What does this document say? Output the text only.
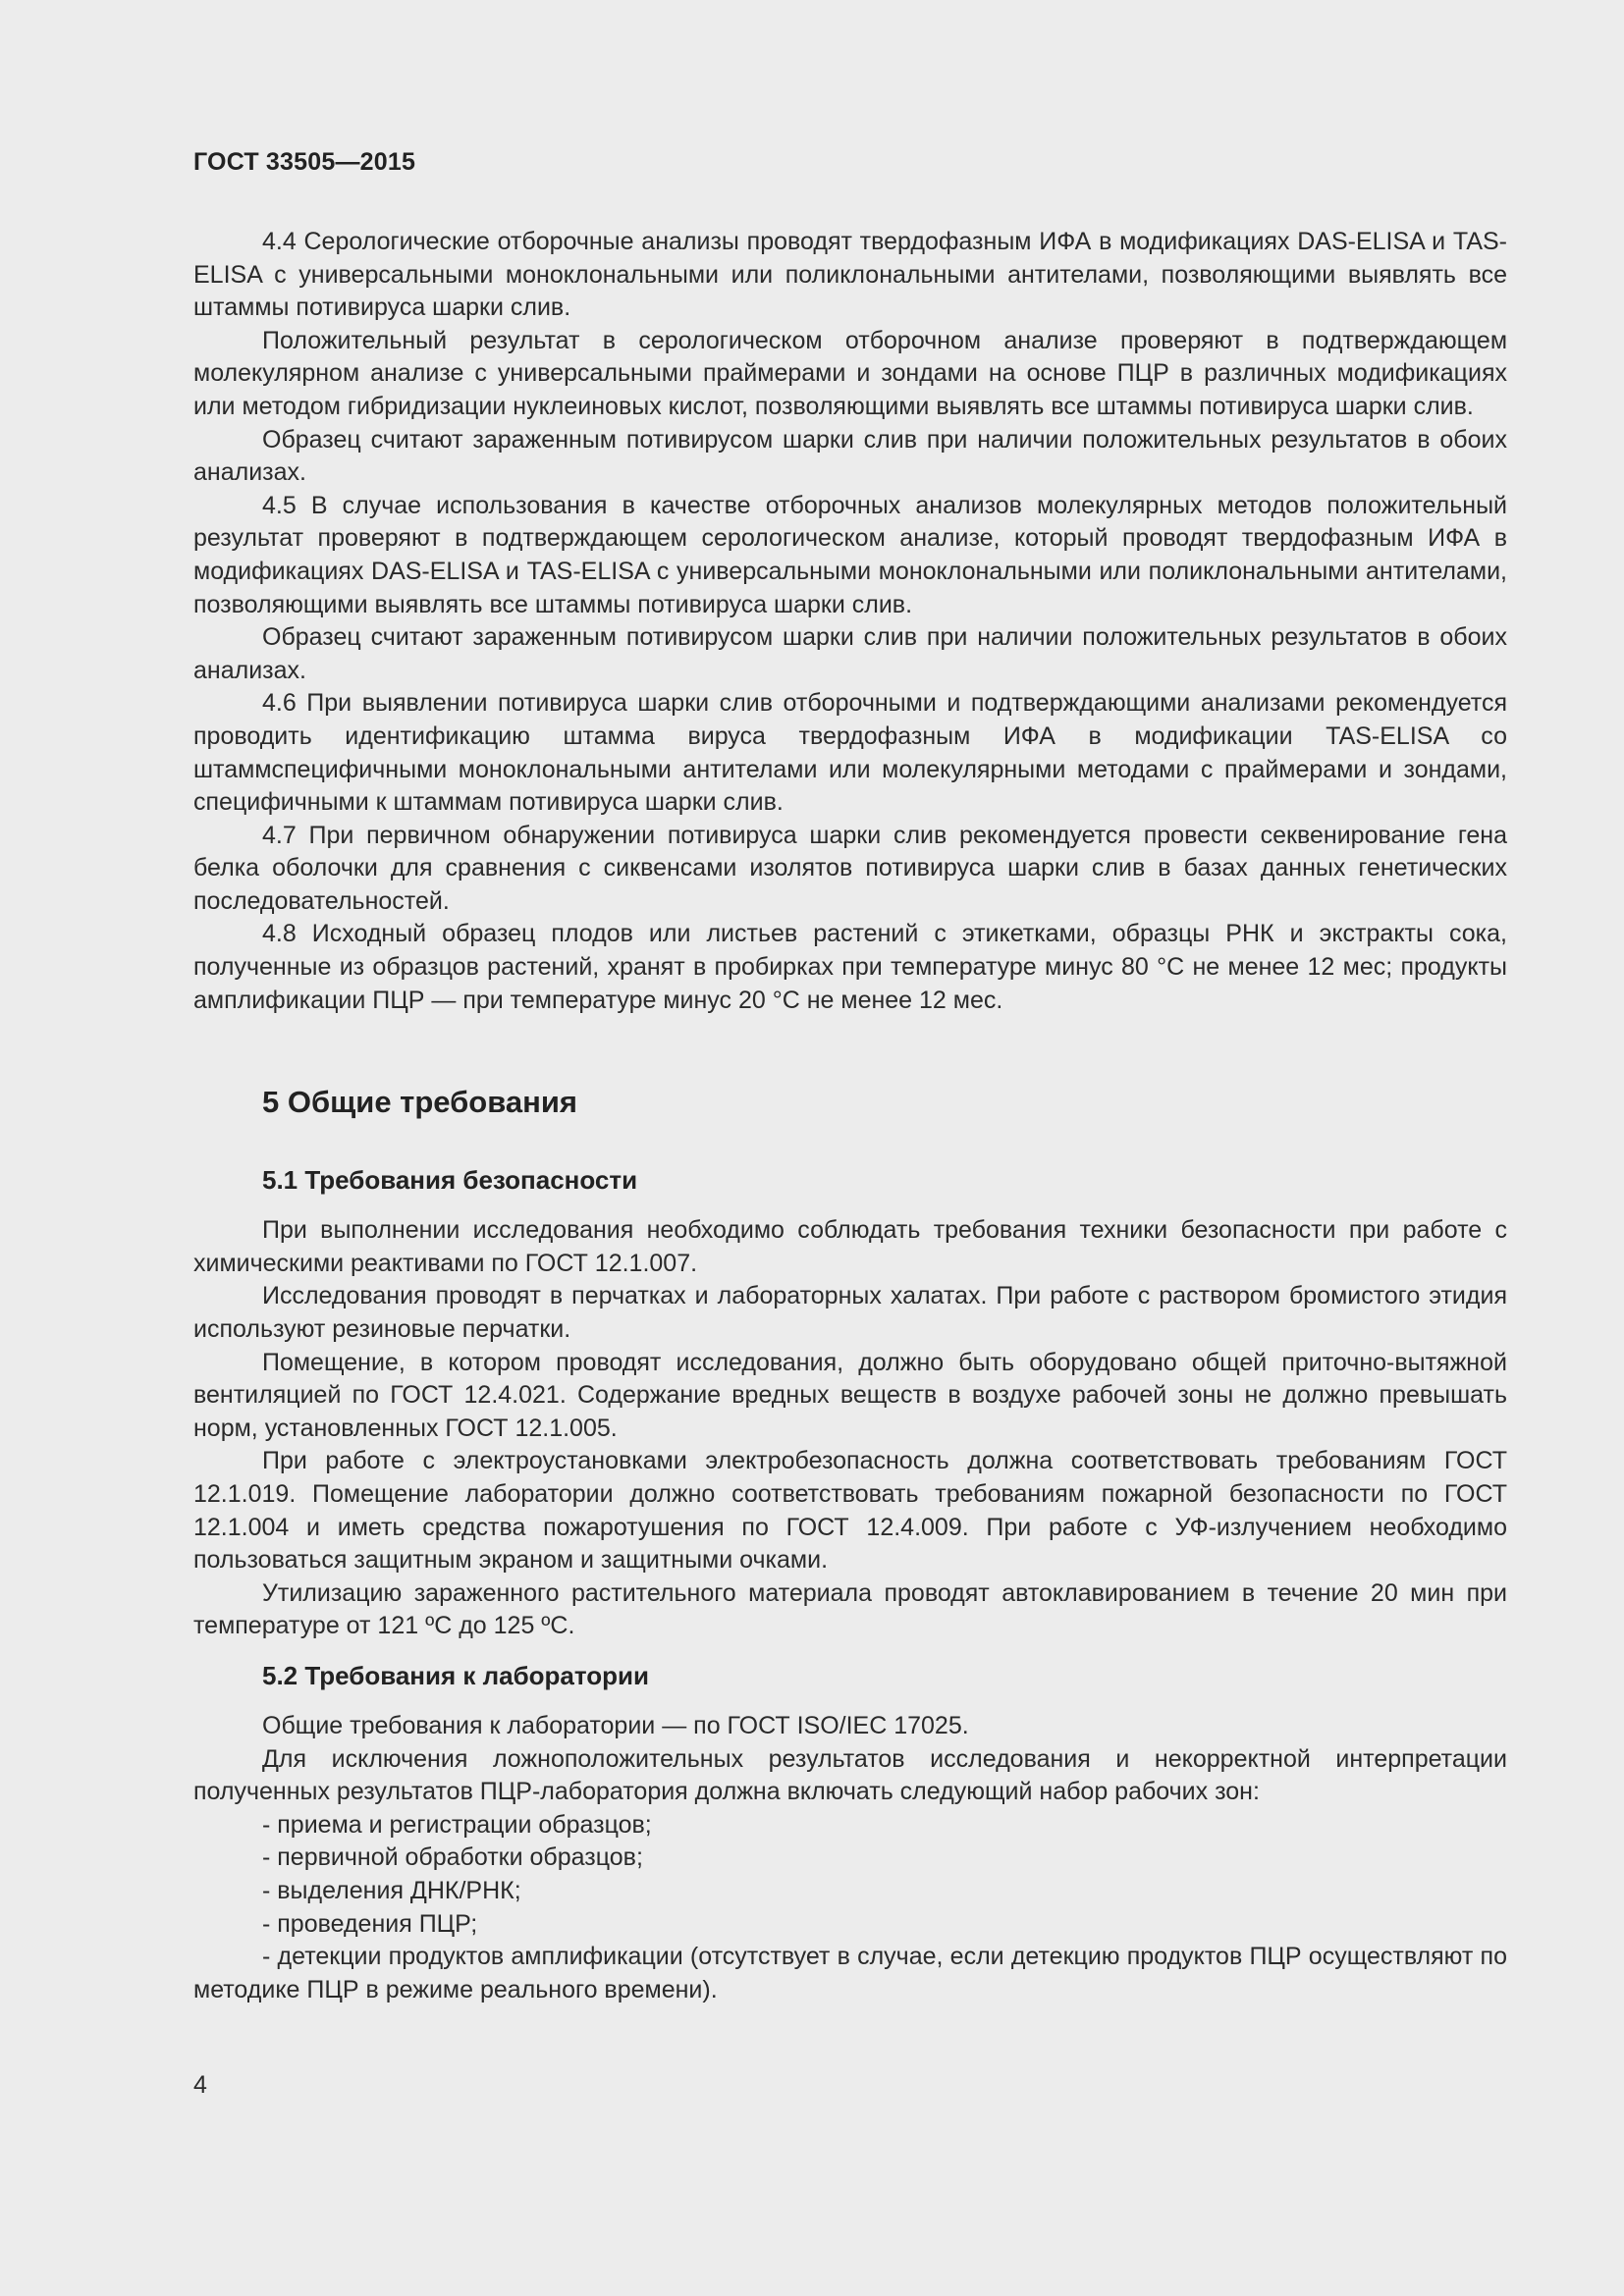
ГОСТ 33505—2015

4.4 Серологические отборочные анализы проводят твердофазным ИФА в модификациях DAS-ELISA и TAS-ELISA с универсальными моноклональными или поликлональными антителами, позволяющими выявлять все штаммы потивируса шарки слив.

Положительный результат в серологическом отборочном анализе проверяют в подтверждающем молекулярном анализе с универсальными праймерами и зондами на основе ПЦР в различных модификациях или методом гибридизации нуклеиновых кислот, позволяющими выявлять все штаммы потивируса шарки слив.

Образец считают зараженным потивирусом шарки слив при наличии положительных результатов в обоих анализах.

4.5 В случае использования в качестве отборочных анализов молекулярных методов положительный результат проверяют в подтверждающем серологическом анализе, который проводят твердофазным ИФА в модификациях DAS-ELISA и TAS-ELISA с универсальными моноклональными или поликлональными антителами, позволяющими выявлять все штаммы потивируса шарки слив.

Образец считают зараженным потивирусом шарки слив при наличии положительных результатов в обоих анализах.

4.6 При выявлении потивируса шарки слив отборочными и подтверждающими анализами рекомендуется проводить идентификацию штамма вируса твердофазным ИФА в модификации TAS-ELISA со штаммспецифичными моноклональными антителами или молекулярными методами с праймерами и зондами, специфичными к штаммам потивируса шарки слив.

4.7 При первичном обнаружении потивируса шарки слив рекомендуется провести секвенирование гена белка оболочки для сравнения с сиквенсами изолятов потивируса шарки слив в базах данных генетических последовательностей.

4.8 Исходный образец плодов или листьев растений с этикетками, образцы РНК и экстракты сока, полученные из образцов растений, хранят в пробирках при температуре минус 80 °С не менее 12 мес; продукты амплификации ПЦР — при температуре минус 20 °С не менее 12 мес.

5 Общие требования
5.1 Требования безопасности

При выполнении исследования необходимо соблюдать требования техники безопасности при работе с химическими реактивами по ГОСТ 12.1.007.

Исследования проводят в перчатках и лабораторных халатах. При работе с раствором бромистого этидия используют резиновые перчатки.

Помещение, в котором проводят исследования, должно быть оборудовано общей приточно-вытяжной вентиляцией по ГОСТ 12.4.021. Содержание вредных веществ в воздухе рабочей зоны не должно превышать норм, установленных ГОСТ 12.1.005.

При работе с электроустановками электробезопасность должна соответствовать требованиям ГОСТ 12.1.019. Помещение лаборатории должно соответствовать требованиям пожарной безопасности по ГОСТ 12.1.004 и иметь средства пожаротушения по ГОСТ 12.4.009. При работе с УФ-излучением необходимо пользоваться защитным экраном и защитными очками.

Утилизацию зараженного растительного материала проводят автоклавированием в течение 20 мин при температуре от 121 ºС до 125 ºС.

5.2 Требования к лаборатории

Общие требования к лаборатории — по ГОСТ ISO/IEC 17025.

Для исключения ложноположительных результатов исследования и некорректной интерпретации полученных результатов ПЦР-лаборатория должна включать следующий набор рабочих зон:

- приема и регистрации образцов;

- первичной обработки образцов;

- выделения ДНК/РНК;

- проведения ПЦР;

- детекции продуктов амплификации (отсутствует в случае, если детекцию продуктов ПЦР осуществляют по методике ПЦР в режиме реального времени).

4
